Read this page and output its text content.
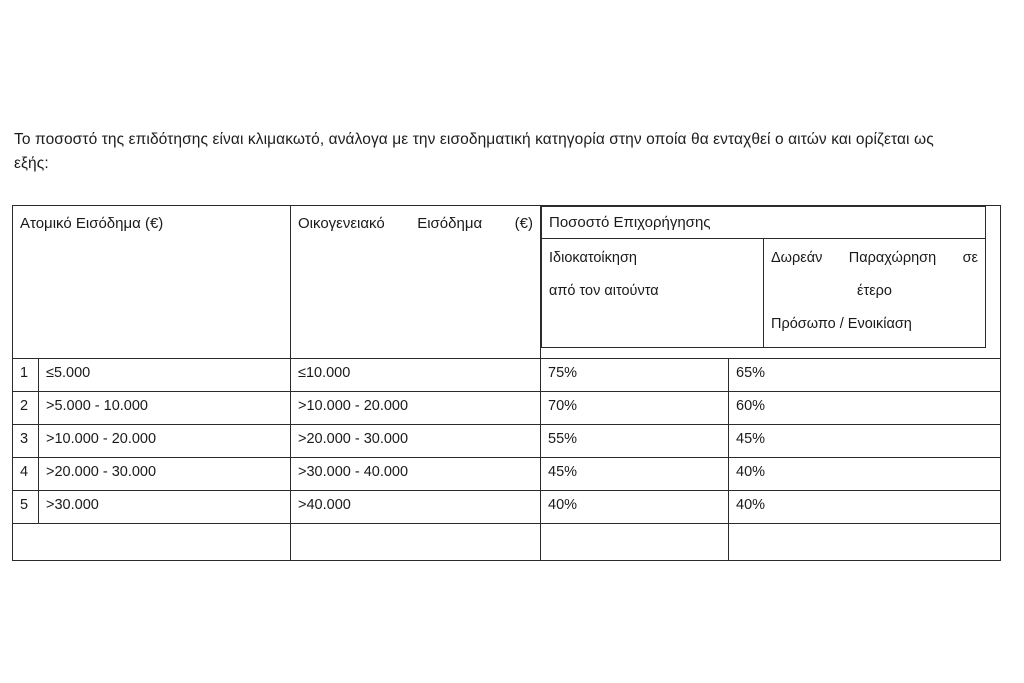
Το ποσοστό της επιδότησης είναι κλιμακωτό, ανάλογα με την εισοδηματική κατηγορία στην οποία θα ενταχθεί ο αιτών και ορίζεται ως εξής:

Ατομικό Εισόδημα (€)	Οικογενειακό Εισόδημα (€)	Ποσοστό Επιχορήγησης

Ιδιοκατοίκηση
από τον αιτούντα

Δωρεάν Παραχώρηση σε
έτερο
Πρόσωπο / Ενοικίαση

1	≤5.000	≤10.000	75%	65%
2	>5.000 - 10.000	>10.000 - 20.000	70%	60%
3	>10.000 - 20.000	>20.000 - 30.000	55%	45%
4	>20.000 - 30.000	>30.000 - 40.000	45%	40%
5	>30.000	>40.000	40%	40%
